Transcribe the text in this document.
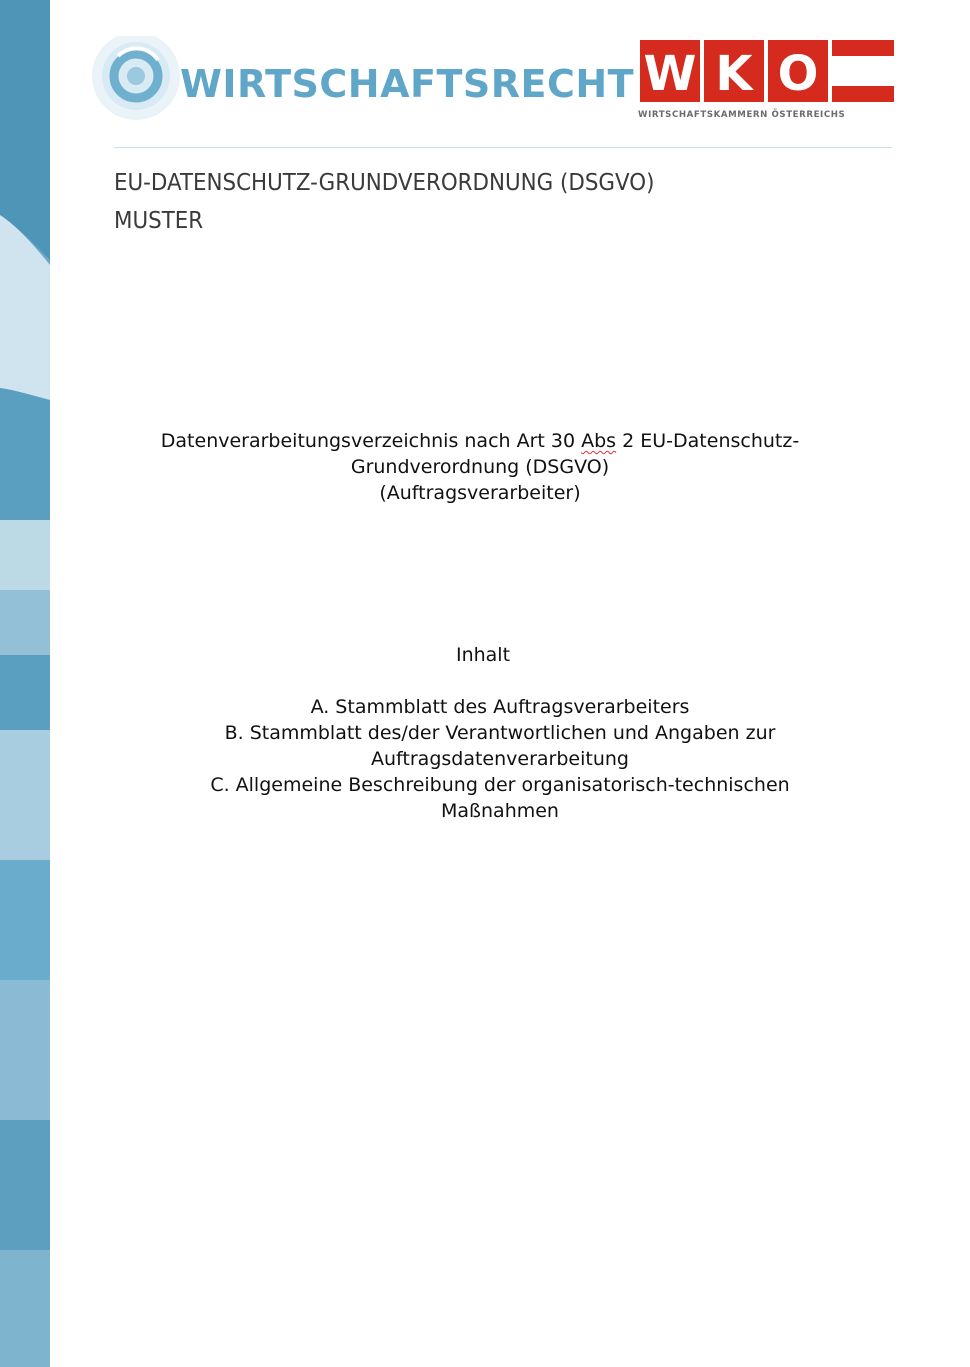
WIRTSCHAFTSRECHT W K O
WIRTSCHAFTSKAMMERN ÖSTERREICHS
EU-DATENSCHUTZ-GRUNDVERORDNUNG (DSGVO)
MUSTER
Datenverarbeitungsverzeichnis nach Art 30 Abs 2 EU-Datenschutz-
Grundverordnung (DSGVO)
(Auftragsverarbeiter)
Inhalt
A. Stammblatt des Auftragsverarbeiters
B. Stammblatt des/der Verantwortlichen und Angaben zur
Auftragsdatenverarbeitung
C. Allgemeine Beschreibung der organisatorisch-technischen
Maßnahmen
